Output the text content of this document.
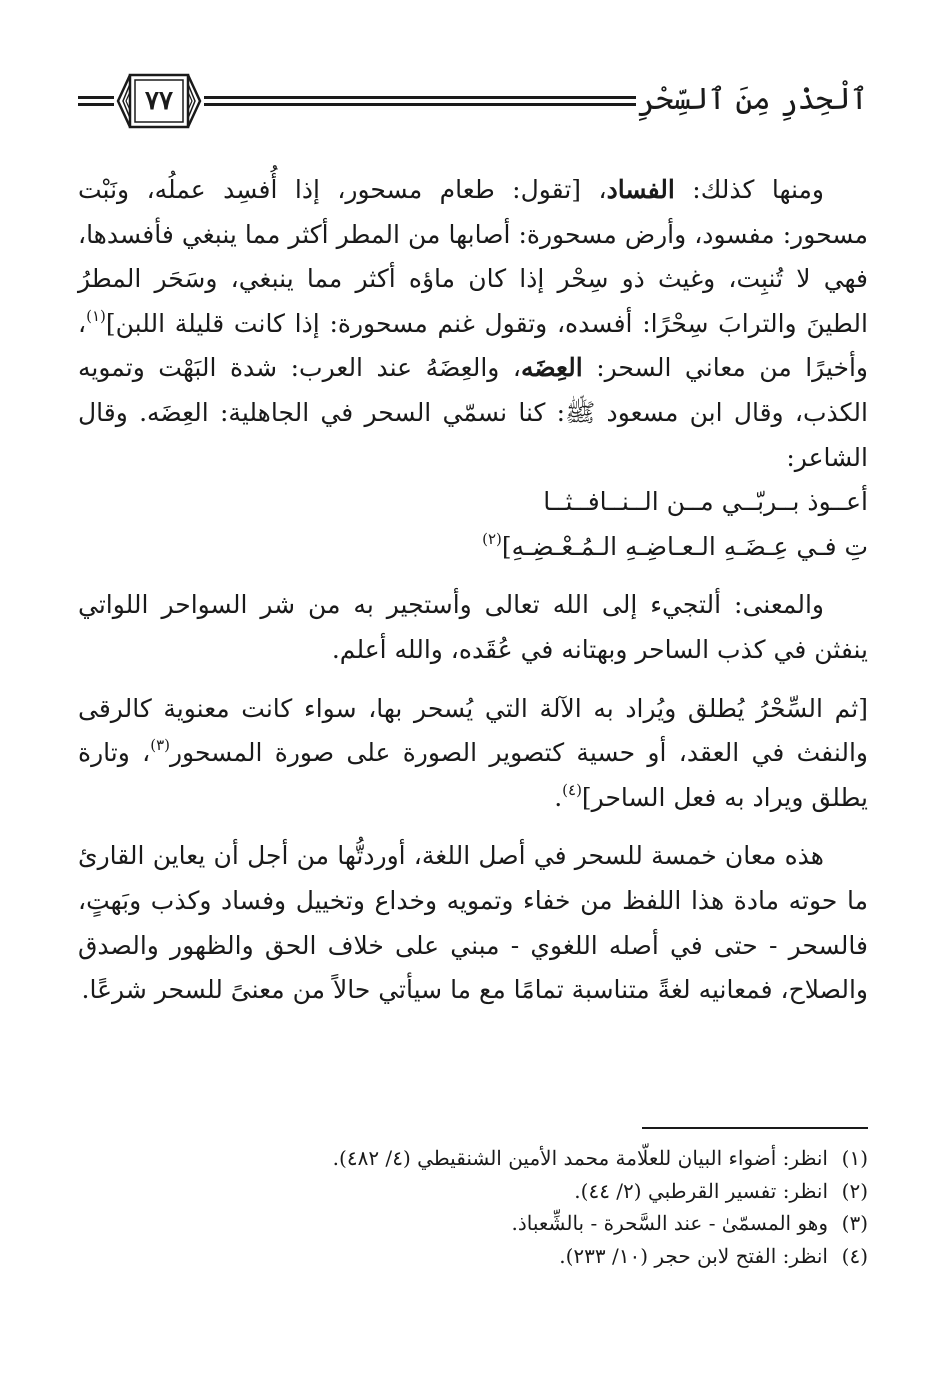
ٱلْحِذْرِ مِنَ ٱلسِّحْرِ
٧٧

ومنها كذلك: الفساد، [تقول: طعام مسحور، إذا أُفسِد عملُه، ونَبْت مسحور: مفسود، وأرض مسحورة: أصابها من المطر أكثر مما ينبغي فأفسدها، فهي لا تُنبِت، وغيث ذو سِحْر إذا كان ماؤه أكثر مما ينبغي، وسَحَر المطرُ الطينَ والترابَ سِحْرًا: أفسده، وتقول غنم مسحورة: إذا كانت قليلة اللبن]$^{(١)}$، وأخيرًا من معاني السحر: العِضَه، والعِضَهُ عند العرب: شدة البَهْت وتمويه الكذب، وقال ابن مسعود ﷺ: كنا نسمّي السحر في الجاهلية: العِضَه. وقال الشاعر:

أعــوذ بــربّــي مــن الــنــافــثــا
تِ فـي عِـضَـهِ الـعـاضِـهِ الـمُـعْـضِـهِ]$^{(٢)}$

والمعنى: ألتجيء إلى الله تعالى وأستجير به من شر السواحر اللواتي ينفثن في كذب الساحر وبهتانه في عُقَده، والله أعلم.

[ثم السِّحْرُ يُطلق ويُراد به الآلة التي يُسحر بها، سواء كانت معنوية كالرقى والنفث في العقد، أو حسية كتصوير الصورة على صورة المسحور$^{(٣)}$، وتارة يطلق ويراد به فعل الساحر]$^{(٤)}$.

هذه معان خمسة للسحر في أصل اللغة، أوردتُّها من أجل أن يعاين القارئ ما حوته مادة هذا اللفظ من خفاء وتمويه وخداع وتخييل وفساد وكذب وبَهتٍ، فالسحر - حتى في أصله اللغوي - مبني على خلاف الحق والظهور والصدق والصلاح، فمعانيه لغةً متناسبة تمامًا مع ما سيأتي حالاً من معنىً للسحر شرعًا.

(١)انظر: أضواء البيان للعلّامة محمد الأمين الشنقيطي (٤/ ٤٨٢).
(٢)انظر: تفسير القرطبي (٢/ ٤٤).
(٣)وهو المسمّىٰ - عند السَّحرة - بالشِّعباذ.
(٤)انظر: الفتح لابن حجر (١٠/ ٢٣٣).
